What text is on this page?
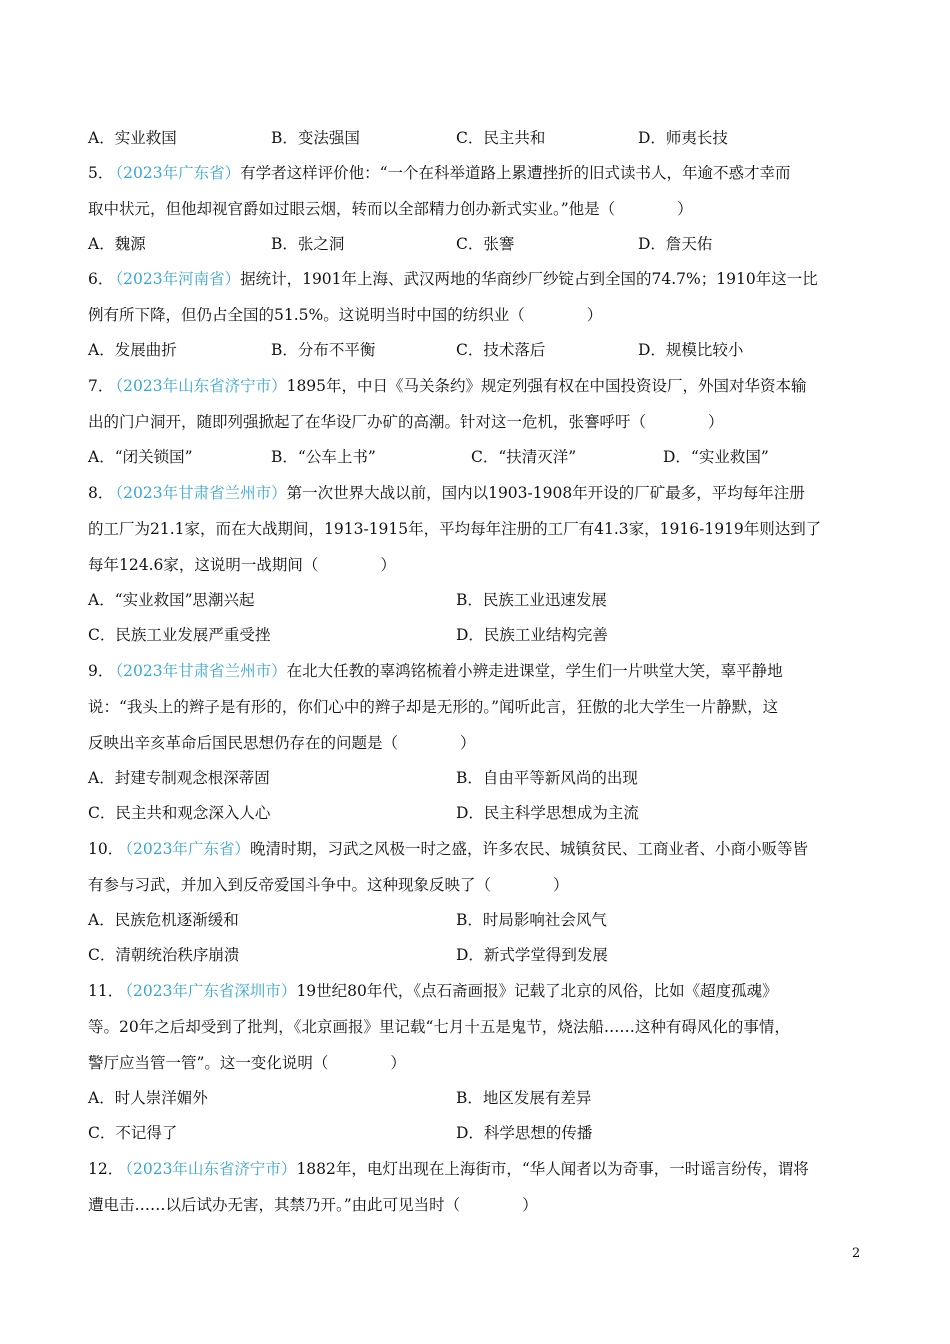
A．实业救国	B．变法强国	C．民主共和	D．师夷长技
5． （2023年广东省）有学者这样评价他：“一个在科举道路上累遭挫折的旧式读书人，年逾不惑才幸而
取中状元，但他却视官爵如过眼云烟，转而以全部精力创办新式实业。”他是（　　　　）
A．魏源	B．张之洞	C．张謇	D．詹天佑
6． （2023年河南省）据统计，1901年上海、武汉两地的华商纱厂纱锭占到全国的74.7%；1910年这一比
例有所下降，但仍占全国的51.5%。这说明当时中国的纺织业（　　　　）
A．发展曲折	B．分布不平衡	C．技术落后	D．规模比较小
7． （2023年山东省济宁市）1895年，中日《马关条约》规定列强有权在中国投资设厂，外国对华资本输
出的门户洞开，随即列强掀起了在华设厂办矿的高潮。针对这一危机，张謇呼吁（　　　　）
A．“闭关锁国”	B．“公车上书”	C．“扶清灭洋”	D．“实业救国”
8． （2023年甘肃省兰州市）第一次世界大战以前，国内以1903-1908年开设的厂矿最多，平均每年注册
的工厂为21.1家，而在大战期间，1913-1915年，平均每年注册的工厂有41.3家，1916-1919年则达到了
每年124.6家，这说明一战期间（　　　　）
A．“实业救国”思潮兴起	B．民族工业迅速发展
C．民族工业发展严重受挫	D．民族工业结构完善
9． （2023年甘肃省兰州市）在北大任教的辜鸿铭梳着小辨走进课堂，学生们一片哄堂大笑，辜平静地
说：“我头上的辫子是有形的，你们心中的辫子却是无形的。”闻听此言，狂傲的北大学生一片静默，这
反映出辛亥革命后国民思想仍存在的问题是（　　　　）
A．封建专制观念根深蒂固	B．自由平等新风尚的出现
C．民主共和观念深入人心	D．民主科学思想成为主流
10． （2023年广东省）晚清时期，习武之风极一时之盛，许多农民、城镇贫民、工商业者、小商小贩等皆
有参与习武，并加入到反帝爱国斗争中。这种现象反映了（　　　　）
A．民族危机逐渐缓和	B．时局影响社会风气
C．清朝统治秩序崩溃	D．新式学堂得到发展
11． （2023年广东省深圳市）19世纪80年代，《点石斋画报》记载了北京的风俗，比如《超度孤魂》
等。20年之后却受到了批判，《北京画报》里记载“七月十五是鬼节，烧法船……这种有碍风化的事情，
警厅应当管一管”。这一变化说明（　　　　）
A．时人崇洋媚外	B．地区发展有差异
C．不记得了	D．科学思想的传播
12． （2023年山东省济宁市）1882年，电灯出现在上海街市，“华人闻者以为奇事，一时谣言纷传，谓将
遭电击……以后试办无害，其禁乃开。”由此可见当时（　　　　）
2
